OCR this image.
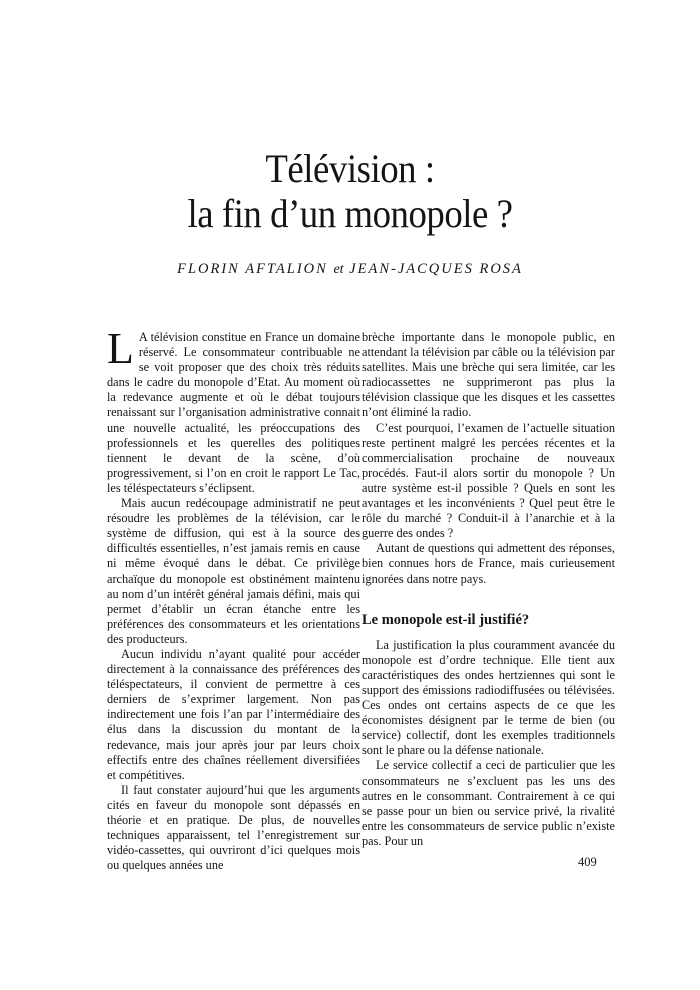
Télévision :
la fin d’un monopole ?

FLORIN AFTALION et JEAN-JACQUES ROSA

L A télévision constitue en France un domaine réservé. Le consommateur contribuable ne se voit proposer que des choix très réduits dans le cadre du monopole d’Etat. Au moment où la redevance augmente et où le débat toujours renaissant sur l’organisation administrative connait une nouvelle actualité, les préoccupations des professionnels et les querelles des politiques tiennent le devant de la scène, d’où progressivement, si l’on en croit le rapport Le Tac, les téléspectateurs s’éclipsent.

Mais aucun redécoupage administratif ne peut résoudre les problèmes de la télévision, car le système de diffusion, qui est à la source des difficultés essentielles, n’est jamais remis en cause ni même évoqué dans le débat. Ce privilège archaïque du monopole est obstinément maintenu au nom d’un intérêt général jamais défini, mais qui permet d’établir un écran étanche entre les préférences des consommateurs et les orientations des producteurs.

Aucun individu n’ayant qualité pour accéder directement à la connaissance des préférences des téléspectateurs, il convient de permettre à ces derniers de s’exprimer largement. Non pas indirectement une fois l’an par l’intermédiaire des élus dans la discussion du montant de la redevance, mais jour après jour par leurs choix effectifs entre des chaînes réellement diversifiées et compétitives.

Il faut constater aujourd’hui que les arguments cités en faveur du monopole sont dépassés en théorie et en pratique. De plus, de nouvelles techniques apparaissent, tel l’enregistrement sur vidéo-cassettes, qui ouvriront d’ici quelques mois ou quelques années une

brèche importante dans le monopole public, en attendant la télévision par câble ou la télévision par satellites. Mais une brèche qui sera limitée, car les radiocassettes ne supprimeront pas plus la télévision classique que les disques et les cassettes n’ont éliminé la radio.

C’est pourquoi, l’examen de l’actuelle situation reste pertinent malgré les percées récentes et la commercialisation prochaine de nouveaux procédés. Faut-il alors sortir du monopole ? Un autre système est-il possible ? Quels en sont les avantages et les inconvénients ? Quel peut être le rôle du marché ? Conduit-il à l’anarchie et à la guerre des ondes ?

Autant de questions qui admettent des réponses, bien connues hors de France, mais curieusement ignorées dans notre pays.

Le monopole est-il justifié?

La justification la plus couramment avancée du monopole est d’ordre technique. Elle tient aux caractéristiques des ondes hertziennes qui sont le support des émissions radiodiffusées ou télévisées. Ces ondes ont certains aspects de ce que les économistes désignent par le terme de bien (ou service) collectif, dont les exemples traditionnels sont le phare ou la défense nationale.

Le service collectif a ceci de particulier que les consommateurs ne s’excluent pas les uns des autres en le consommant. Contrairement à ce qui se passe pour un bien ou service privé, la rivalité entre les consommateurs de service public n’existe pas. Pour un

409
